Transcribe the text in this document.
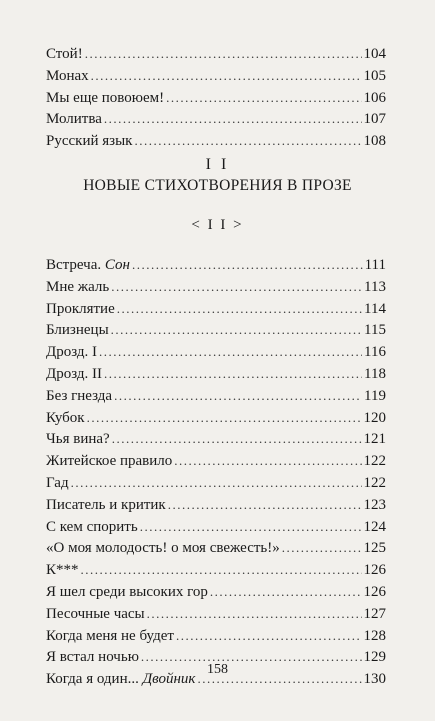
Стой! .....	104
Монах .....	105
Мы еще повоюем! .....	106
Молитва .....	107
Русский язык .....	108
I I
НОВЫЕ СТИХОТВОРЕНИЯ В ПРОЗЕ
< I I >
Встреча. Сон .....	111
Мне жаль .....	113
Проклятие .....	114
Близнецы .....	115
Дрозд. I .....	116
Дрозд. II .....	118
Без гнезда .....	119
Кубок .....	120
Чья вина? .....	121
Житейское правило .....	122
Гад .....	122
Писатель и критик .....	123
С кем спорить .....	124
«О моя молодость! о моя свежесть!» .....	125
К*** .....	126
Я шел среди высоких гор .....	126
Песочные часы .....	127
Когда меня не будет .....	128
Я встал ночью .....	129
Когда я один... Двойник .....	130
158
